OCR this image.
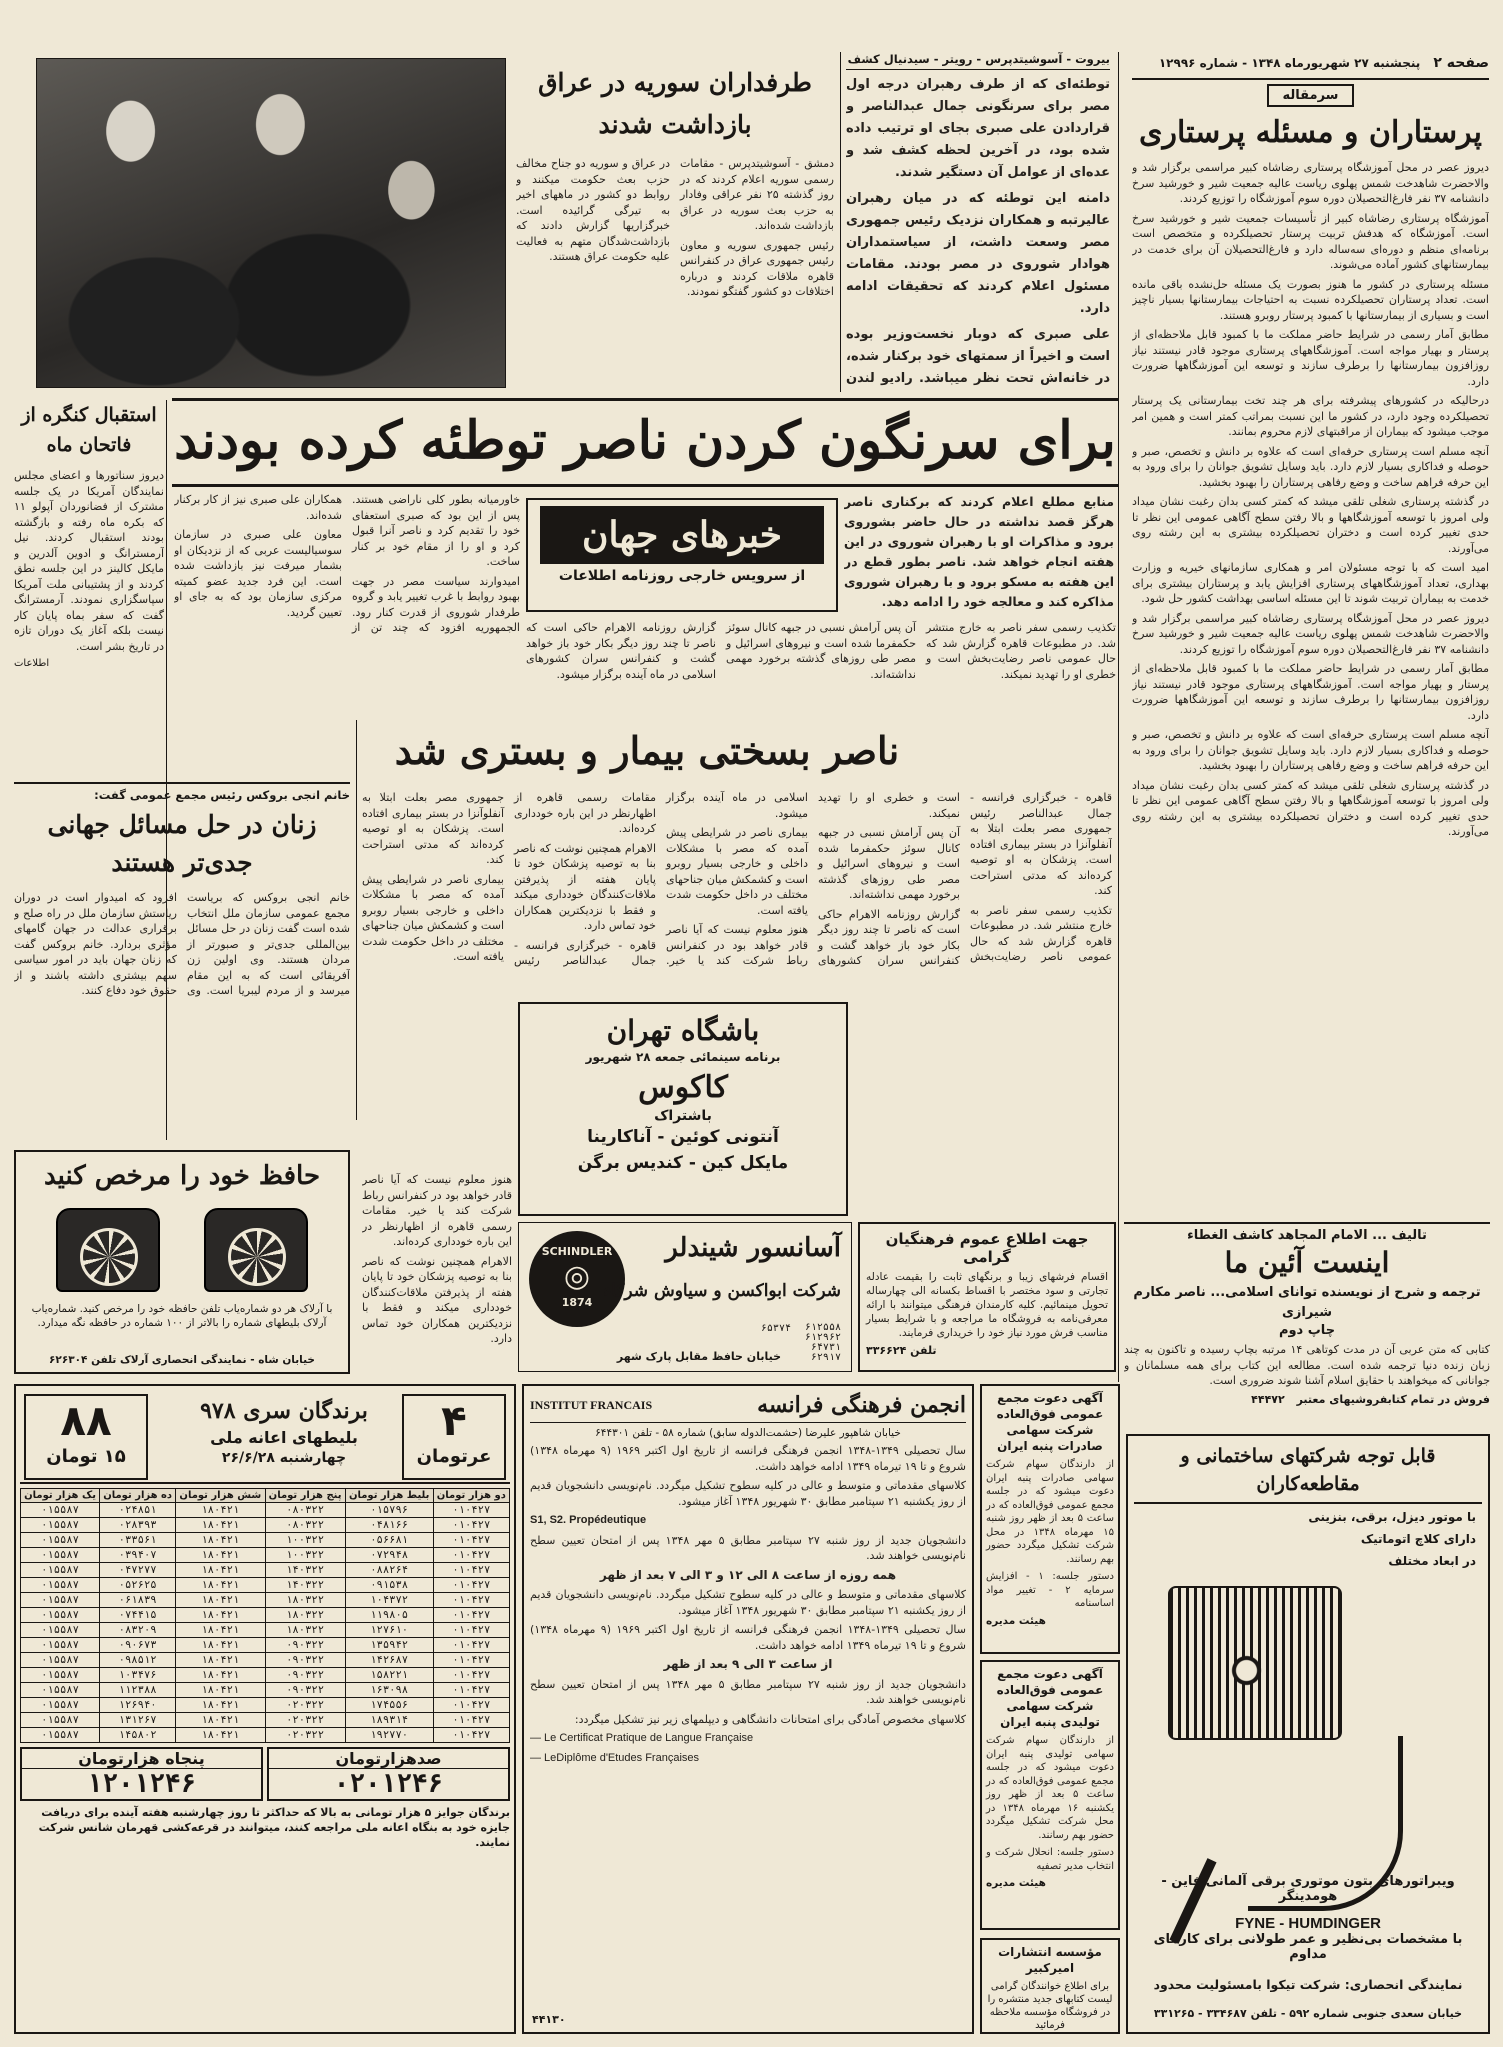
صفحه ۲ پنجشنبه ۲۷ شهریورماه ۱۳۴۸ - شماره ۱۲۹۹۶
سرمقاله
پرستاران و مسئله پرستاری

دیروز عصر در محل آموزشگاه پرستاری رضاشاه کبیر مراسمی برگزار شد و والاحضرت شاهدخت شمس پهلوی ریاست عالیه جمعیت شیر و خورشید سرخ دانشنامه ۳۷ نفر فارغ‌التحصیلان دوره سوم آموزشگاه را توزیع کردند.

آموزشگاه پرستاری رضاشاه کبیر از تأسیسات جمعیت شیر و خورشید سرخ است. آموزشگاه که هدفش تربیت پرستار تحصیلکرده و متخصص است برنامه‌ای منظم و دوره‌ای سه‌ساله دارد و فارغ‌التحصیلان آن برای خدمت در بیمارستانهای کشور آماده می‌شوند.

مسئله پرستاری در کشور ما هنوز بصورت یک مسئله حل‌نشده باقی مانده است. تعداد پرستاران تحصیلکرده نسبت به احتیاجات بیمارستانها بسیار ناچیز است و بسیاری از بیمارستانها با کمبود پرستار روبرو هستند.

مطابق آمار رسمی در شرایط حاضر مملکت ما با کمبود قابل ملاحظه‌ای از پرستار و بهیار مواجه است. آموزشگاههای پرستاری موجود قادر نیستند نیاز روزافزون بیمارستانها را برطرف سازند و توسعه این آموزشگاهها ضرورت دارد.

درحالیکه در کشورهای پیشرفته برای هر چند تخت بیمارستانی یک پرستار تحصیلکرده وجود دارد، در کشور ما این نسبت بمراتب کمتر است و همین امر موجب میشود که بیماران از مراقبتهای لازم محروم بمانند.

آنچه مسلم است پرستاری حرفه‌ای است که علاوه بر دانش و تخصص، صبر و حوصله و فداکاری بسیار لازم دارد. باید وسایل تشویق جوانان را برای ورود به این حرفه فراهم ساخت و وضع رفاهی پرستاران را بهبود بخشید.

در گذشته پرستاری شغلی تلقی میشد که کمتر کسی بدان رغبت نشان میداد ولی امروز با توسعه آموزشگاهها و بالا رفتن سطح آگاهی عمومی این نظر تا حدی تغییر کرده است و دختران تحصیلکرده بیشتری به این رشته روی می‌آورند.

امید است که با توجه مسئولان امر و همکاری سازمانهای خیریه و وزارت بهداری، تعداد آموزشگاههای پرستاری افزایش یابد و پرستاران بیشتری برای خدمت به بیماران تربیت شوند تا این مسئله اساسی بهداشت کشور حل شود.

دیروز عصر در محل آموزشگاه پرستاری رضاشاه کبیر مراسمی برگزار شد و والاحضرت شاهدخت شمس پهلوی ریاست عالیه جمعیت شیر و خورشید سرخ دانشنامه ۳۷ نفر فارغ‌التحصیلان دوره سوم آموزشگاه را توزیع کردند.

مطابق آمار رسمی در شرایط حاضر مملکت ما با کمبود قابل ملاحظه‌ای از پرستار و بهیار مواجه است. آموزشگاههای پرستاری موجود قادر نیستند نیاز روزافزون بیمارستانها را برطرف سازند و توسعه این آموزشگاهها ضرورت دارد.

آنچه مسلم است پرستاری حرفه‌ای است که علاوه بر دانش و تخصص، صبر و حوصله و فداکاری بسیار لازم دارد. باید وسایل تشویق جوانان را برای ورود به این حرفه فراهم ساخت و وضع رفاهی پرستاران را بهبود بخشید.

در گذشته پرستاری شغلی تلقی میشد که کمتر کسی بدان رغبت نشان میداد ولی امروز با توسعه آموزشگاهها و بالا رفتن سطح آگاهی عمومی این نظر تا حدی تغییر کرده است و دختران تحصیلکرده بیشتری به این رشته روی می‌آورند.

بیروت - آسوشیتدپرس - رویتر - سیدنیال کشف

توطئه‌ای که از طرف رهبران درجه اول مصر برای سرنگونی جمال عبدالناصر و قراردادن علی صبری بجای او ترتیب داده شده بود، در آخرین لحظه کشف شد و عده‌ای از عوامل آن دستگیر شدند.

دامنه این توطئه که در میان رهبران عالیرتبه و همکاران نزدیک رئیس جمهوری مصر وسعت داشت، از سیاستمداران هوادار شوروی در مصر بودند. مقامات مسئول اعلام کردند که تحقیقات ادامه دارد.

علی صبری که دوبار نخست‌وزیر بوده است و اخیراً از سمتهای خود برکنار شده، در خانه‌اش تحت نظر میباشد. رادیو لندن

طرفداران سوریه در عراق بازداشت شدند

دمشق - آسوشیتدپرس - مقامات رسمی سوریه اعلام کردند که در روز گذشته ۲۵ نفر عراقی وفادار به حزب بعث سوریه در عراق بازداشت شده‌اند.

رئیس جمهوری سوریه و معاون رئیس جمهوری عراق در کنفرانس قاهره ملاقات کردند و درباره اختلافات دو کشور گفتگو نمودند.

در عراق و سوریه دو جناح مخالف حزب بعث حکومت میکنند و روابط دو کشور در ماههای اخیر به تیرگی گرائیده است. خبرگزاریها گزارش دادند که بازداشت‌شدگان متهم به فعالیت علیه حکومت عراق هستند.

برای سرنگون کردن ناصر توطئه کرده بودند
استقبال کنگره از فاتحان ماه

دیروز سناتورها و اعضای مجلس نمایندگان آمریکا در یک جلسه مشترک از فضانوردان آپولو ۱۱ که بکره ماه رفته و بازگشته بودند استقبال کردند. نیل آرمسترانگ و ادوین آلدرین و مایکل کالینز در این جلسه نطق کردند و از پشتیبانی ملت آمریکا سپاسگزاری نمودند. آرمسترانگ گفت که سفر بماه پایان کار نیست بلکه آغاز یک دوران تازه در تاریخ بشر است.

اطلاعات

منابع مطلع اعلام کردند که برکناری ناصر هرگز قصد نداشته در حال حاضر بشوروی برود و مذاکرات او با رهبران شوروی در این هفته انجام خواهد شد. ناصر بطور قطع در این هفته به مسکو برود و با رهبران شوروی مذاکره کند و معالجه خود را ادامه دهد.

خبرهای جهان
از سرویس خارجی روزنامه اطلاعات

خاورمیانه بطور کلی ناراضی هستند. پس از این بود که صبری استعفای خود را تقدیم کرد و ناصر آنرا قبول کرد و او را از مقام خود بر کنار ساخت.

امیدوارند سیاست مصر در جهت بهبود روابط با غرب تغییر یابد و گروه طرفدار شوروی از قدرت کنار رود. الجمهوریه افزود که چند تن از همکاران علی صبری نیز از کار برکنار شده‌اند.

معاون علی صبری در سازمان سوسیالیست عربی که از نزدیکان او بشمار میرفت نیز بازداشت شده است. این فرد جدید عضو کمیته مرکزی سازمان بود که به جای او تعیین گردید.

تکذیب رسمی سفر ناصر به خارج منتشر شد. در مطبوعات قاهره گزارش شد که حال عمومی ناصر رضایت‌بخش است و خطری او را تهدید نمیکند.

آن پس آرامش نسبی در جبهه کانال سوئز حکمفرما شده است و نیروهای اسرائیل و مصر طی روزهای گذشته برخورد مهمی نداشته‌اند.

گزارش روزنامه الاهرام حاکی است که ناصر تا چند روز دیگر بکار خود باز خواهد گشت و کنفرانس سران کشورهای اسلامی در ماه آینده برگزار میشود.

خانم انجی بروکس رئیس مجمع عمومی گفت:
زنان در حل مسائل جهانی جدی‌تر هستند

خانم انجی بروکس که بریاست مجمع عمومی سازمان ملل انتخاب شده است گفت زنان در حل مسائل بین‌المللی جدی‌تر و صبورتر از مردان هستند. وی اولین زن آفریقائی است که به این مقام میرسد و از مردم لیبریا است. وی افزود که امیدوار است در دوران ریاستش سازمان ملل در راه صلح و برقراری عدالت در جهان گامهای مؤثری بردارد. خانم بروکس گفت که زنان جهان باید در امور سیاسی سهم بیشتری داشته باشند و از حقوق خود دفاع کنند.

ناصر بسختی بیمار و بستری شد

قاهره - خبرگزاری فرانسه - جمال عبدالناصر رئیس جمهوری مصر بعلت ابتلا به آنفلوآنزا در بستر بیماری افتاده است. پزشکان به او توصیه کرده‌اند که مدتی استراحت کند.

تکذیب رسمی سفر ناصر به خارج منتشر شد. در مطبوعات قاهره گزارش شد که حال عمومی ناصر رضایت‌بخش است و خطری او را تهدید نمیکند.

آن پس آرامش نسبی در جبهه کانال سوئز حکمفرما شده است و نیروهای اسرائیل و مصر طی روزهای گذشته برخورد مهمی نداشته‌اند.

گزارش روزنامه الاهرام حاکی است که ناصر تا چند روز دیگر بکار خود باز خواهد گشت و کنفرانس سران کشورهای اسلامی در ماه آینده برگزار میشود.

بیماری ناصر در شرایطی پیش آمده که مصر با مشکلات داخلی و خارجی بسیار روبرو است و کشمکش میان جناحهای مختلف در داخل حکومت شدت یافته است.

هنوز معلوم نیست که آیا ناصر قادر خواهد بود در کنفرانس رباط شرکت کند یا خیر. مقامات رسمی قاهره از اظهارنظر در این باره خودداری کرده‌اند.

الاهرام همچنین نوشت که ناصر بنا به توصیه پزشکان خود تا پایان هفته از پذیرفتن ملاقات‌کنندگان خودداری میکند و فقط با نزدیکترین همکاران خود تماس دارد.

قاهره - خبرگزاری فرانسه - جمال عبدالناصر رئیس جمهوری مصر بعلت ابتلا به آنفلوآنزا در بستر بیماری افتاده است. پزشکان به او توصیه کرده‌اند که مدتی استراحت کند.

بیماری ناصر در شرایطی پیش آمده که مصر با مشکلات داخلی و خارجی بسیار روبرو است و کشمکش میان جناحهای مختلف در داخل حکومت شدت یافته است.

باشگاه تهران
برنامه سینمائی جمعه ۲۸ شهریور
کاکوس
باشتراک
آنتونی کوئین - آناکارینا
مایکل کین - کندیس برگن
حافظ خود را مرخص کنید
با آرلاک هر دو شماره‌یاب تلفن حافظه خود را مرخص کنید. شماره‌یاب آرلاک بلیطهای شماره را بالاتر از ۱۰۰ شماره در حافظه نگه میدارد.
خیابان شاه - نمایندگی انحصاری آرلاک تلفن ۶۲۶۳۰۴

هنوز معلوم نیست که آیا ناصر قادر خواهد بود در کنفرانس رباط شرکت کند یا خیر. مقامات رسمی قاهره از اظهارنظر در این باره خودداری کرده‌اند.

الاهرام همچنین نوشت که ناصر بنا به توصیه پزشکان خود تا پایان هفته از پذیرفتن ملاقات‌کنندگان خودداری میکند و فقط با نزدیکترین همکاران خود تماس دارد.

جهت اطلاع عموم فرهنگیان گرامی

اقسام فرشهای زیبا و برنگهای ثابت را بقیمت عادله تجارتی و سود مختصر با اقساط بکسانه الی چهارساله تحویل مینمائیم. کلیه کارمندان فرهنگی میتوانند با ارائه معرفی‌نامه به فروشگاه ما مراجعه و با شرایط بسیار مناسب فرش مورد نیاز خود را خریداری فرمایند.

تلفن ۳۳۶۶۲۴
SCHINDLER
◎
1874
آسانسور شیندلر
شرکت ابواکسن و سیاوش‌ شرکاء
خیابان حافظ مقابل پارک شهر
۶۱۲۵۵۸
۶۱۲۹۶۲
۶۴۷۳۱
۶۲۹۱۷
۶۵۳۷۴
تالیف ... الامام المجاهد کاشف الغطاء
اینست آئین ما
ترجمه و شرح از نویسنده توانای اسلامی... ناصر مکارم شیرازی
چاپ دوم

کتابی که متن عربی آن در مدت کوتاهی ۱۴ مرتبه بچاپ رسیده و تاکنون به چند زبان زنده دنیا ترجمه شده است. مطالعه این کتاب برای همه مسلمانان و جوانانی که میخواهند با حقایق اسلام آشنا شوند ضروری است.

فروش در تمام کتابفروشیهای معتبر ۴۴۴۷۲
۴
عرتومان
برندگان سری ۹۷۸
بلیطهای اعانه ملی
چهارشنبه ۲۶/۶/۲۸
۸۸
۱۵ تومان
دو هزار تومان	بلیط هزار تومان	پنج هزار تومان	شش هزار تومان	ده هزار تومان	یک هزار تومان
۰۱۰۴۲۷	۰۱۵۷۹۶	۰۸۰۳۲۲	۱۸۰۴۲۱	۰۲۴۸۵۱	۰۱۵۵۸۷
۰۱۰۴۲۷	۰۴۸۱۶۶	۰۸۰۳۲۲	۱۸۰۴۲۱	۰۲۸۳۹۳	۰۱۵۵۸۷
۰۱۰۴۲۷	۰۵۶۶۸۱	۱۰۰۳۲۲	۱۸۰۴۲۱	۰۳۳۵۶۱	۰۱۵۵۸۷
۰۱۰۴۲۷	۰۷۲۹۴۸	۱۰۰۳۲۲	۱۸۰۴۲۱	۰۳۹۴۰۷	۰۱۵۵۸۷
۰۱۰۴۲۷	۰۸۸۲۶۴	۱۴۰۳۲۲	۱۸۰۴۲۱	۰۴۷۲۷۷	۰۱۵۵۸۷
۰۱۰۴۲۷	۰۹۱۵۳۸	۱۴۰۳۲۲	۱۸۰۴۲۱	۰۵۲۶۲۵	۰۱۵۵۸۷
۰۱۰۴۲۷	۱۰۴۳۷۲	۱۸۰۳۲۲	۱۸۰۴۲۱	۰۶۱۸۳۹	۰۱۵۵۸۷
۰۱۰۴۲۷	۱۱۹۸۰۵	۱۸۰۳۲۲	۱۸۰۴۲۱	۰۷۴۴۱۵	۰۱۵۵۸۷
۰۱۰۴۲۷	۱۲۷۶۱۰	۱۸۰۳۲۲	۱۸۰۴۲۱	۰۸۳۲۰۹	۰۱۵۵۸۷
۰۱۰۴۲۷	۱۳۵۹۴۲	۰۹۰۳۲۲	۱۸۰۴۲۱	۰۹۰۶۷۳	۰۱۵۵۸۷
۰۱۰۴۲۷	۱۴۲۶۸۷	۰۹۰۳۲۲	۱۸۰۴۲۱	۰۹۸۵۱۲	۰۱۵۵۸۷
۰۱۰۴۲۷	۱۵۸۲۲۱	۰۹۰۳۲۲	۱۸۰۴۲۱	۱۰۳۴۷۶	۰۱۵۵۸۷
۰۱۰۴۲۷	۱۶۳۰۹۸	۰۹۰۳۲۲	۱۸۰۴۲۱	۱۱۲۳۸۸	۰۱۵۵۸۷
۰۱۰۴۲۷	۱۷۴۵۵۶	۰۲۰۳۲۲	۱۸۰۴۲۱	۱۲۶۹۴۰	۰۱۵۵۸۷
۰۱۰۴۲۷	۱۸۹۳۱۴	۰۲۰۳۲۲	۱۸۰۴۲۱	۱۳۱۲۶۷	۰۱۵۵۸۷
۰۱۰۴۲۷	۱۹۲۷۷۰	۰۲۰۳۲۲	۱۸۰۴۲۱	۱۴۵۸۰۲	۰۱۵۵۸۷
صدهزارتومان
۰۲۰۱۲۴۶
پنجاه هزارتومان
۱۲۰۱۲۴۶
برندگان جوایز ۵ هزار تومانی به بالا که حداکثر تا روز چهارشنبه هفته آینده برای دریافت جایزه خود به بنگاه اعانه ملی مراجعه کنند، میتوانند در قرعه‌کشی قهرمان شانس شرکت نمایند.
انجمن فرهنگی فرانسه
INSTITUT FRANCAIS
خیابان شاهپور علیرضا (حشمت‌الدوله سابق) شماره ۵۸ - تلفن ۶۴۴۳۰۱

سال تحصیلی ۱۳۴۹-۱۳۴۸ انجمن فرهنگی فرانسه از تاریخ اول اکتبر ۱۹۶۹ (۹ مهرماه ۱۳۴۸) شروع و تا ۱۹ تیرماه ۱۳۴۹ ادامه خواهد داشت.

کلاسهای مقدماتی و متوسط و عالی در کلیه سطوح تشکیل میگردد. نام‌نویسی دانشجویان قدیم از روز یکشنبه ۲۱ سپتامبر مطابق ۳۰ شهریور ۱۳۴۸ آغاز میشود.

S1, S2. Propédeutique

دانشجویان جدید از روز شنبه ۲۷ سپتامبر مطابق ۵ مهر ۱۳۴۸ پس از امتحان تعیین سطح نام‌نویسی خواهند شد.

همه روزه از ساعت ۸ الی ۱۲ و ۳ الی ۷ بعد از ظهر

کلاسهای مقدماتی و متوسط و عالی در کلیه سطوح تشکیل میگردد. نام‌نویسی دانشجویان قدیم از روز یکشنبه ۲۱ سپتامبر مطابق ۳۰ شهریور ۱۳۴۸ آغاز میشود.

سال تحصیلی ۱۳۴۹-۱۳۴۸ انجمن فرهنگی فرانسه از تاریخ اول اکتبر ۱۹۶۹ (۹ مهرماه ۱۳۴۸) شروع و تا ۱۹ تیرماه ۱۳۴۹ ادامه خواهد داشت.

از ساعت ۳ الی ۹ بعد از ظهر

دانشجویان جدید از روز شنبه ۲۷ سپتامبر مطابق ۵ مهر ۱۳۴۸ پس از امتحان تعیین سطح نام‌نویسی خواهند شد.

کلاسهای مخصوص آمادگی برای امتحانات دانشگاهی و دیپلمهای زیر نیز تشکیل میگردد:

— Le Certificat Pratique de Langue Française

— LeDiplôme d'Etudes Françaises

۴۴۱۳۰
آگهی دعوت مجمع عمومی فوق‌العاده شرکت سهامی صادرات پنبه ایران

از دارندگان سهام شرکت سهامی صادرات پنبه ایران دعوت میشود که در جلسه مجمع عمومی فوق‌العاده که در ساعت ۵ بعد از ظهر روز شنبه ۱۵ مهرماه ۱۳۴۸ در محل شرکت تشکیل میگردد حضور بهم رسانند.

دستور جلسه: ۱ - افزایش سرمایه ۲ - تغییر مواد اساسنامه

هیئت مدیره
آگهی دعوت مجمع عمومی فوق‌العاده شرکت سهامی تولیدی پنبه ایران

از دارندگان سهام شرکت سهامی تولیدی پنبه ایران دعوت میشود که در جلسه مجمع عمومی فوق‌العاده که در ساعت ۵ بعد از ظهر روز یکشنبه ۱۶ مهرماه ۱۳۴۸ در محل شرکت تشکیل میگردد حضور بهم رسانند.

دستور جلسه: انحلال شرکت و انتخاب مدیر تصفیه

هیئت مدیره
مؤسسه انتشارات امیرکبیر
برای اطلاع خوانندگان گرامی لیست کتابهای جدید منتشره را در فروشگاه مؤسسه ملاحظه فرمائید
قابل توجه شرکتهای ساختمانی و مقاطعه‌کاران
با موتور دیزل‌، برقی، بنزینی
دارای کلاچ اتوماتیک
در ابعاد مختلف
ویبراتورهای بتون موتوری برقی آلمانی فاین - هومدینگر
FYNE - HUMDINGER
با مشخصات بی‌نظیر و عمر طولانی برای کارهای مداوم
نمایندگی انحصاری: شرکت تیکوا بامسئولیت محدود
خیابان سعدی جنوبی شماره ۵۹۲ - تلفن ۳۳۴۶۸۷ - ۳۳۱۲۶۵
